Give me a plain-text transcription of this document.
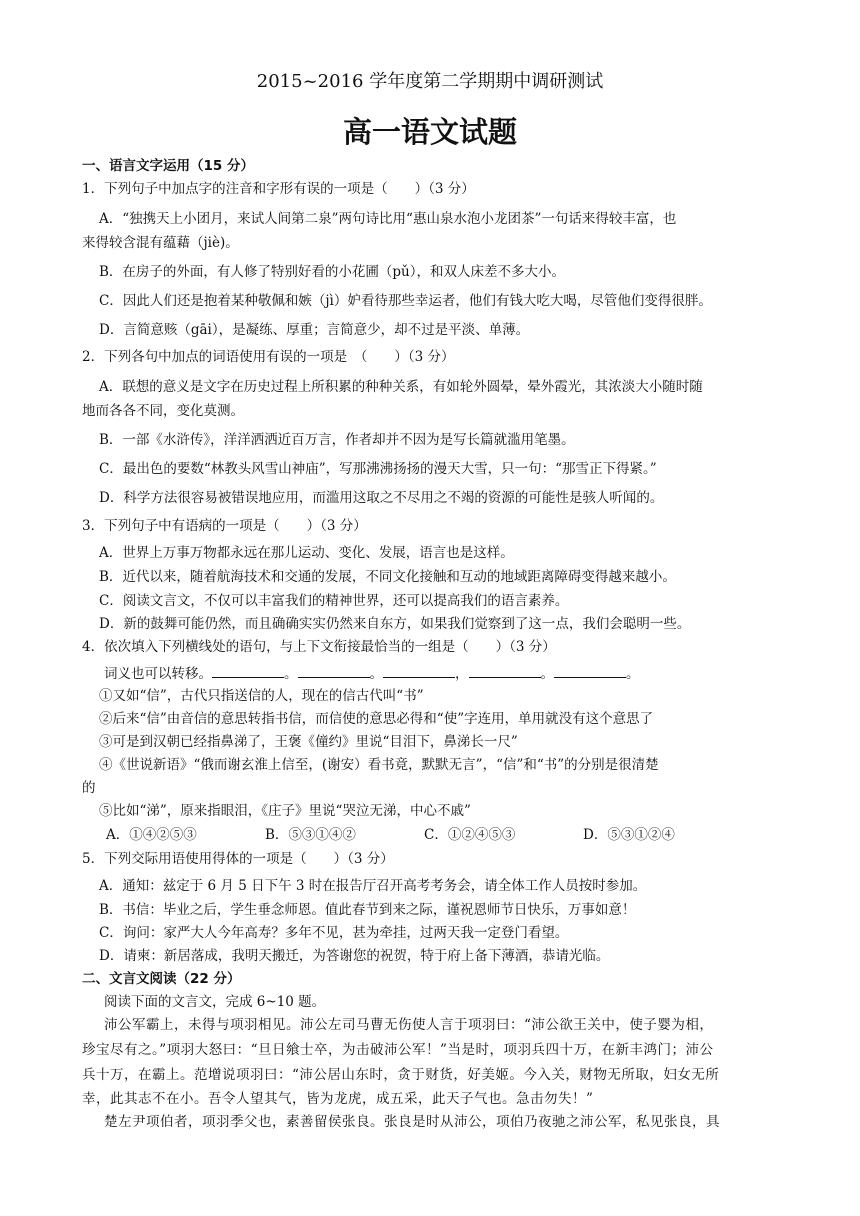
2015~2016 学年度第二学期期中调研测试
高一语文试题
一、语言文字运用（15 分）
1．下列句子中加点字的注音和字形有误的一项是（　　）（3 分）
A．“独携天上小团月，来试人间第二泉”两句诗比用“惠山泉水泡小龙团茶”一句话来得较丰富，也
来得较含混有蕴藉（jiè)。
B．在房子的外面，有人修了特别好看的小花圃（pǔ），和双人床差不多大小。
C．因此人们还是抱着某种敬佩和嫉（jì）妒看待那些幸运者，他们有钱大吃大喝，尽管他们变得很胖。
D．言简意赅（gāi），是凝练、厚重；言简意少，却不过是平淡、单薄。
2．下列各句中加点的词语使用有误的一项是　（　　）（3 分）
A．联想的意义是文字在历史过程上所积累的种种关系，有如轮外圆晕，晕外霞光，其浓淡大小随时随
地而各各不同，变化莫测。
B．一部《水浒传》，洋洋洒洒近百万言，作者却并不因为是写长篇就滥用笔墨。
C．最出色的要数“林教头风雪山神庙”，写那沸沸扬扬的漫天大雪，只一句：“那雪正下得紧。”
D．科学方法很容易被错误地应用，而滥用这取之不尽用之不竭的资源的可能性是骇人听闻的。
3．下列句子中有语病的一项是（　　）（3 分）
A．世界上万事万物都永远在那儿运动、变化、发展，语言也是这样。
B．近代以来，随着航海技术和交通的发展，不同文化接触和互动的地域距离障碍变得越来越小。
C．阅读文言文，不仅可以丰富我们的精神世界，还可以提高我们的语言素养。
D．新的鼓舞可能仍然，而且确确实实仍然来自东方，如果我们觉察到了这一点，我们会聪明一些。
4．依次填入下列横线处的语句，与上下文衔接最恰当的一组是（　　）（3 分）
词义也可以转移。	。	。	，	。	。
①又如“信”，古代只指送信的人，现在的信古代叫“书”
②后来“信”由音信的意思转指书信，而信使的意思必得和“使”字连用，单用就没有这个意思了
③可是到汉朝已经指鼻涕了，王褒《僮约》里说“目泪下，鼻涕长一尺”
④《世说新语》“俄而谢玄淮上信至，(谢安）看书竟，默默无言”，“信”和“书”的分别是很清楚
的
⑤比如“涕”，原来指眼泪，《庄子》里说“哭泣无涕，中心不戚”
A．①④②⑤③	B．⑤③①④②	C．①②④⑤③	D．⑤③①②④
5．下列交际用语使用得体的一项是（　　）（3 分）
A．通知：兹定于 6 月 5 日下午 3 时在报告厅召开高考考务会，请全体工作人员按时参加。
B．书信：毕业之后，学生垂念师恩。值此春节到来之际，谨祝恩师节日快乐，万事如意！
C．询问：家严大人今年高寿？多年不见，甚为牵挂，过两天我一定登门看望。
D．请柬：新居落成，我明天搬迁，为答谢您的祝贺，特于府上备下薄酒，恭请光临。
二、文言文阅读（22 分）
阅读下面的文言文，完成 6~10 题。
沛公军霸上，未得与项羽相见。沛公左司马曹无伤使人言于项羽曰：“沛公欲王关中，使子婴为相，
珍宝尽有之。”项羽大怒曰：“旦日飨士卒，为击破沛公军！”当是时，项羽兵四十万，在新丰鸿门；沛公
兵十万，在霸上。范增说项羽曰：“沛公居山东时，贪于财货，好美姬。今入关，财物无所取，妇女无所
幸，此其志不在小。吾令人望其气，皆为龙虎，成五采，此天子气也。急击勿失！”
楚左尹项伯者，项羽季父也，素善留侯张良。张良是时从沛公，项伯乃夜驰之沛公军，私见张良，具
